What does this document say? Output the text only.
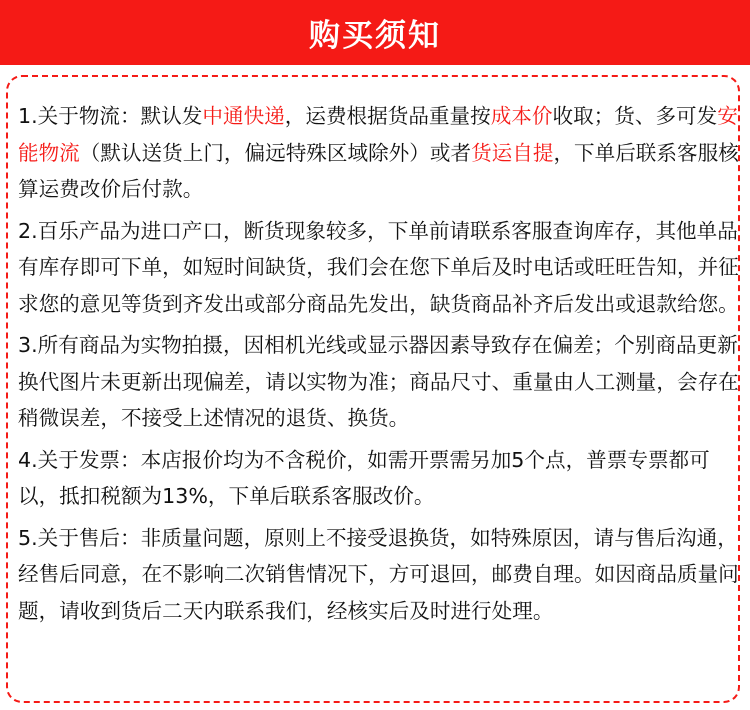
购买须知

1.关于物流：默认发中通快递，运费根据货品重量按成本价收取；货、多可发安能物流（默认送货上门，偏远特殊区域除外）或者货运自提，下单后联系客服核算运费改价后付款。

2.百乐产品为进口产口，断货现象较多，下单前请联系客服查询库存，其他单品有库存即可下单，如短时间缺货，我们会在您下单后及时电话或旺旺告知，并征求您的意见等货到齐发出或部分商品先发出，缺货商品补齐后发出或退款给您。

3.所有商品为实物拍摄，因相机光线或显示器因素导致存在偏差；个别商品更新换代图片未更新出现偏差，请以实物为准；商品尺寸、重量由人工测量，会存在稍微误差，不接受上述情况的退货、换货。

4.关于发票：本店报价均为不含税价，如需开票需另加5个点，普票专票都可以，抵扣税额为13%，下单后联系客服改价。

5.关于售后：非质量问题，原则上不接受退换货，如特殊原因，请与售后沟通，经售后同意，在不影响二次销售情况下，方可退回，邮费自理。如因商品质量问题，请收到货后二天内联系我们，经核实后及时进行处理。
